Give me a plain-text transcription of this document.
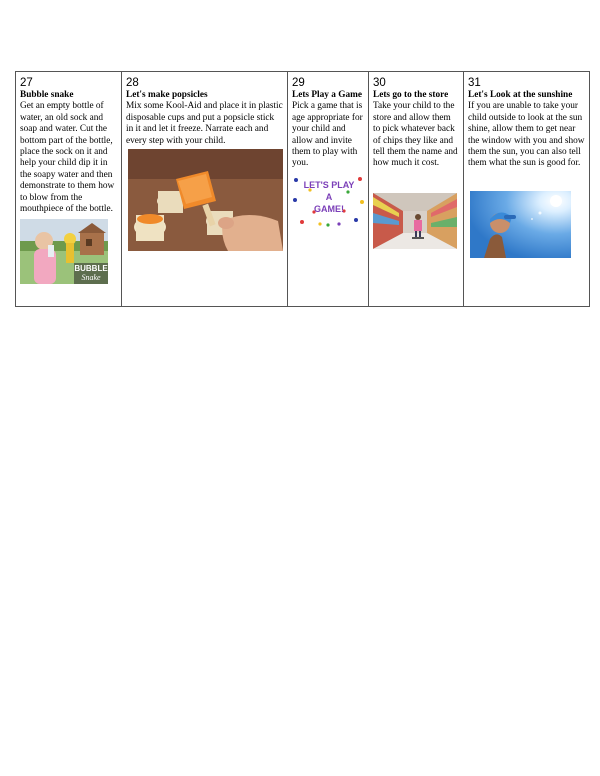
27
Bubble snake
Get an empty bottle of water, an old sock and soap and water. Cut the bottom part of the bottle, place the sock on it and help your child dip it in the soapy water and then demonstrate to them how to blow from the mouthpiece of the bottle.
BUBBLE
Snake

28
Let's make popsicles
Mix some Kool-Aid and place it in plastic disposable cups and put a popsicle stick in it and let it freeze. Narrate each and every step with your child.

29
Lets Play a Game
Pick a game that is age appropriate for your child and allow and invite them to play with you.
LET'S PLAY
A
GAME!

30
Lets go to the store
Take your child to the store and allow them to pick whatever back of chips they like and tell them the name and how much it cost.

31
Let's Look at the sunshine
If you are unable to take your child outside to look at the sun shine, allow them to get near the window with you and show them the sun, you can also tell them what the sun is good for.
